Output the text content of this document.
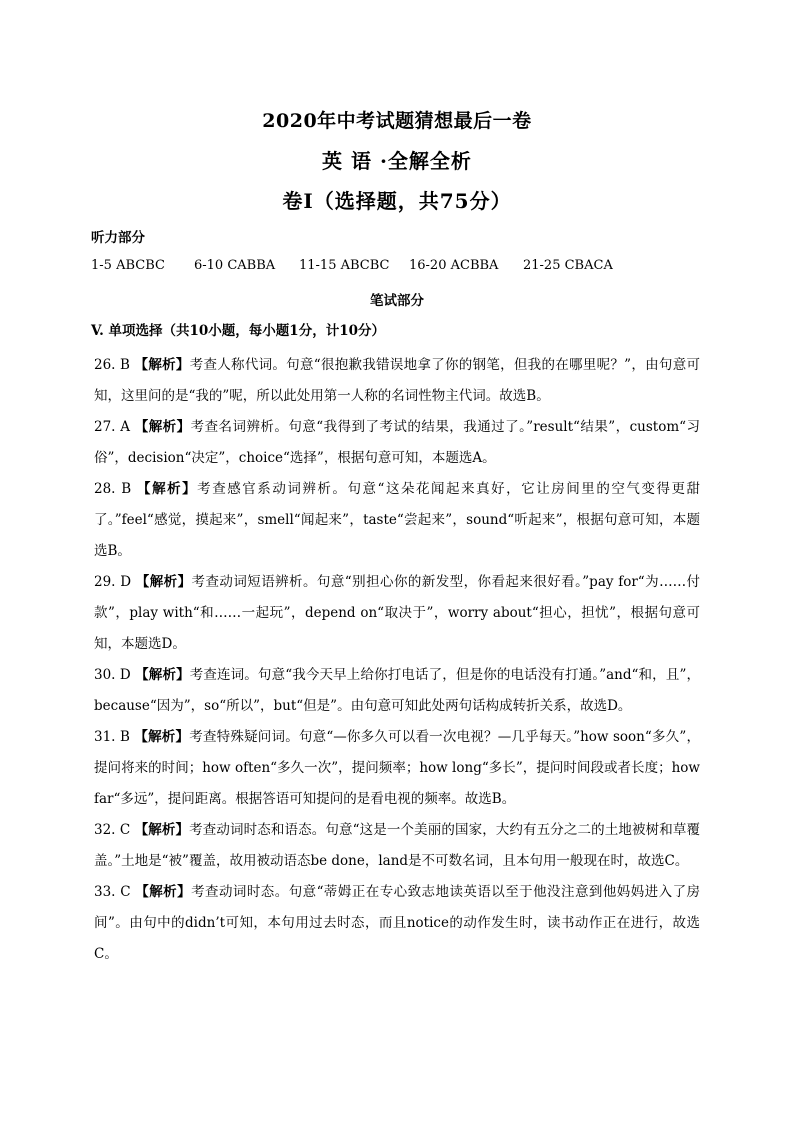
2020年中考试题猜想最后一卷
英 语 ·全解全析
卷Ⅰ（选择题，共75分）
听力部分
1-5 ABCBC 6-10 CABBA 11-15 ABCBC 16-20 ACBBA 21-25 CBACA
笔试部分
V. 单项选择（共10小题，每小题1分，计10分）

26. B 【解析】考查人称代词。句意“很抱歉我错误地拿了你的钢笔，但我的在哪里呢？”，由句意可知，这里问的是“我的”呢，所以此处用第一人称的名词性物主代词。故选B。

27. A 【解析】考查名词辨析。句意“我得到了考试的结果，我通过了。”result“结果”，custom“习俗”，decision“决定”，choice“选择”，根据句意可知，本题选A。

28. B 【解析】考查感官系动词辨析。句意“这朵花闻起来真好，它让房间里的空气变得更甜了。”feel“感觉，摸起来”，smell“闻起来”，taste“尝起来”，sound“听起来”，根据句意可知，本题选B。

29. D 【解析】考查动词短语辨析。句意“别担心你的新发型，你看起来很好看。”pay for“为……付款”，play with“和……一起玩”，depend on“取决于”，worry about“担心，担忧”，根据句意可知，本题选D。

30. D 【解析】考查连词。句意“我今天早上给你打电话了，但是你的电话没有打通。”and“和，且”，because“因为”，so“所以”，but“但是”。由句意可知此处两句话构成转折关系，故选D。

31. B 【解析】考查特殊疑问词。句意“—你多久可以看一次电视？—几乎每天。”how soon“多久”，提问将来的时间；how often“多久一次”，提问频率；how long“多长”，提问时间段或者长度；how far“多远”，提问距离。根据答语可知提问的是看电视的频率。故选B。

32. C 【解析】考查动词时态和语态。句意“这是一个美丽的国家，大约有五分之二的土地被树和草覆盖。”土地是“被”覆盖，故用被动语态be done，land是不可数名词，且本句用一般现在时，故选C。

33. C 【解析】考查动词时态。句意“蒂姆正在专心致志地读英语以至于他没注意到他妈妈进入了房间”。由句中的didn’t可知，本句用过去时态，而且notice的动作发生时，读书动作正在进行，故选C。
